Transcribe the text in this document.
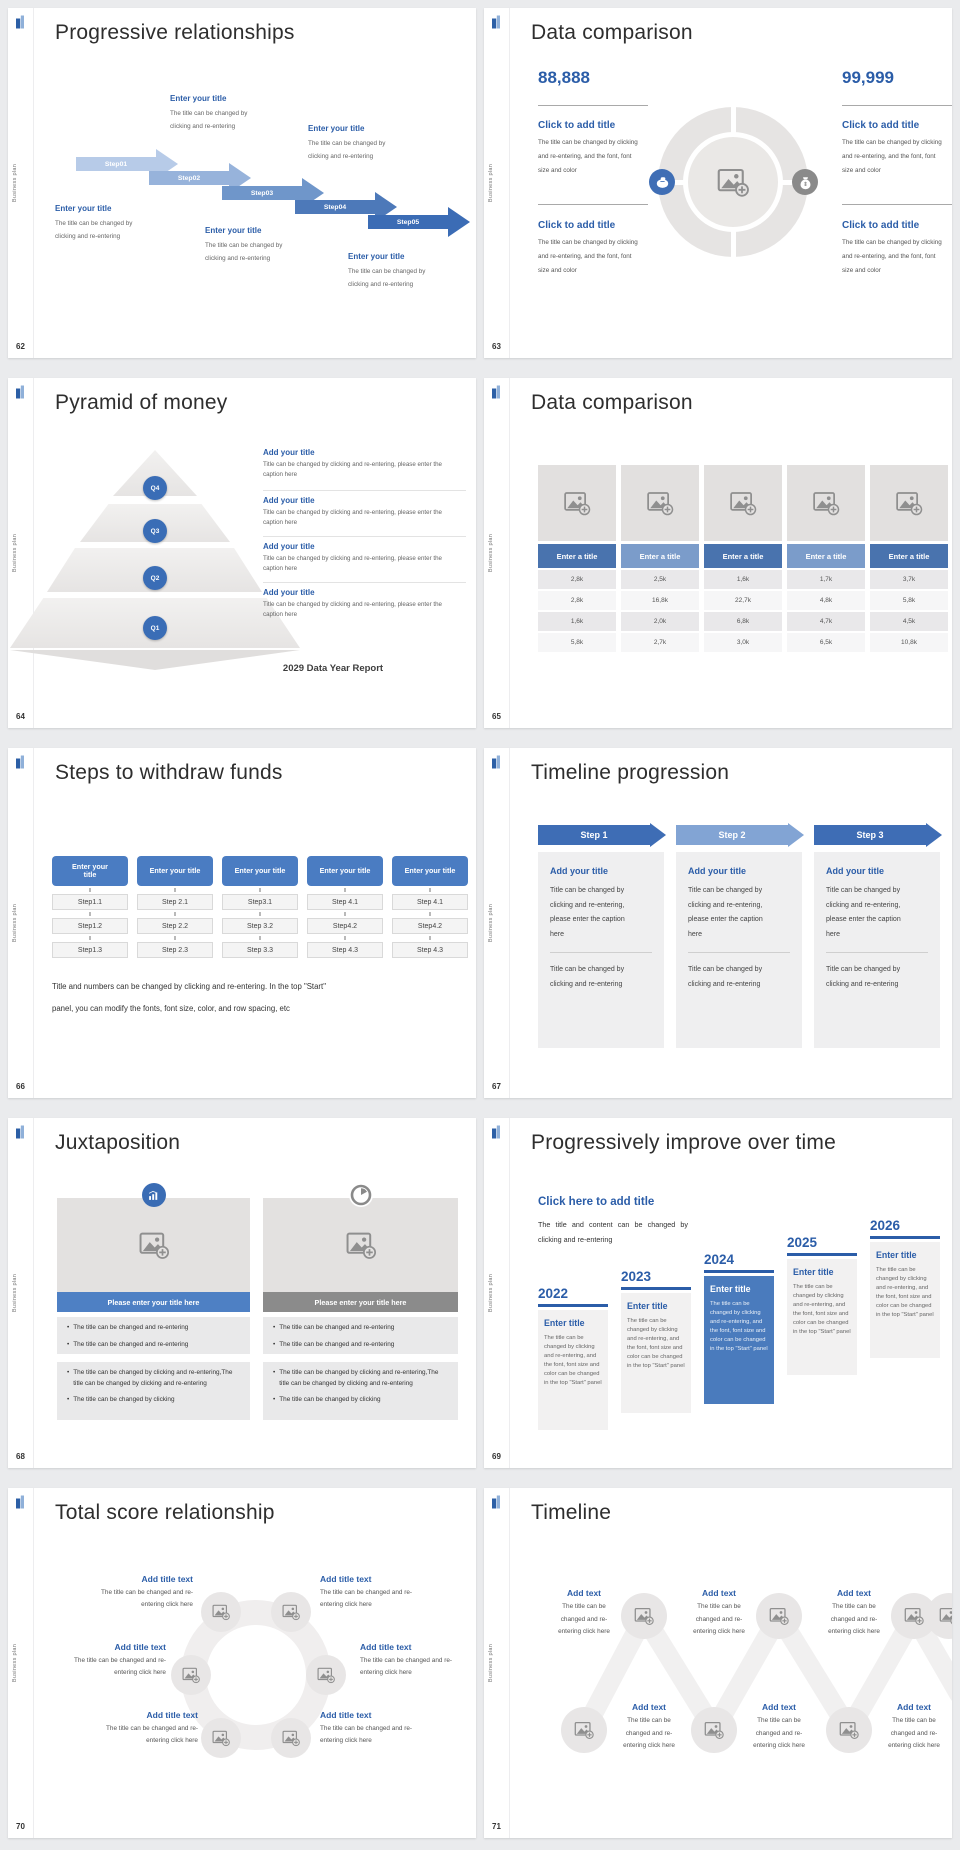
Business plan
62
Progressive relationships
Step01
Step02
Step03
Step04
Step05
Enter your title
The title can be changed by clicking and re-entering	Enter your title
The title can be changed by clicking and re-entering
Enter your title
The title can be changed by clicking and re-entering
Enter your title
The title can be changed by clicking and re-entering	Enter your title
The title can be changed by clicking and re-entering
Business plan
63
Data comparison
88,888
Click to add title
The title can be changed by clicking and re-entering, and the font, font size and color
Click to add title
The title can be changed by clicking and re-entering, and the font, font size and color
99,999
Click to add title
The title can be changed by clicking and re-entering, and the font, font size and color
Click to add title
The title can be changed by clicking and re-entering, and the font, font size and color
Business plan
64
Pyramid of money
Q4
Q3
Q2
Q1
Add your title
Title can be changed by clicking and re-entering, please enter the caption here
Add your title
Title can be changed by clicking and re-entering, please enter the caption here
Add your title
Title can be changed by clicking and re-entering, please enter the caption here
Add your title
Title can be changed by clicking and re-entering, please enter the caption here
2029 Data Year Report
Business plan
65
Data comparison
Enter a title	Enter a title	Enter a title	Enter a title	Enter a title
2,8k	2,5k	1,6k	1,7k	3,7k
2,8k	16,8k	22,7k	4,8k	5,8k
1,6k	2,0k	6,8k	4,7k	4,5k
5,8k	2,7k	3,0k	6,5k	10,8k
Business plan
66
Steps to withdraw funds
Enter your title
Step1.1
Step1.2
Step1.3
Enter your title
Step 2.1
Step 2.2
Step 2.3
Enter your title
Step3.1
Step 3.2
Step 3.3
Enter your title
Step 4.1
Step4.2
Step 4.3
Enter your title
Step 4.1
Step4.2
Step 4.3
Title and numbers can be changed by clicking and re-entering. In the top "Start"
panel, you can modify the fonts, font size, color, and row spacing, etc
Business plan
67
Timeline progression
Step 1	Step 2	Step 3
Add your title
Title can be changed by clicking and re-entering, please enter the caption here
Title can be changed by clicking and re-entering
Add your title
Title can be changed by clicking and re-entering, please enter the caption here
Title can be changed by clicking and re-entering
Add your title
Title can be changed by clicking and re-entering, please enter the caption here
Title can be changed by clicking and re-entering
Business plan
68
Juxtaposition
Please enter your title here
• The title can be changed and re-entering
• The title can be changed and re-entering
• The title can be changed by clicking and re-entering,The title can be changed by clicking and re-entering
• The title can be changed by clicking
Please enter your title here
• The title can be changed and re-entering
• The title can be changed and re-entering
• The title can be changed by clicking and re-entering,The title can be changed by clicking and re-entering
• The title can be changed by clicking
Business plan
69
Progressively improve over time
Click here to add title
The title and content can be changed by clicking and re-entering
2022
Enter title
The title can be changed by clicking and re-entering, and the font, font size and color can be changed in the top "Start" panel
2023
Enter title
The title can be changed by clicking and re-entering, and the font, font size and color can be changed in the top "Start" panel
2024
Enter title
The title can be changed by clicking and re-entering, and the font, font size and color can be changed in the top "Start" panel
2025
Enter title
The title can be changed by clicking and re-entering, and the font, font size and color can be changed in the top "Start" panel
2026
Enter title
The title can be changed by clicking and re-entering, and the font, font size and color can be changed in the top "Start" panel
Business plan
70
Total score relationship
Add title text
The title can be changed and re-entering click here
Add title text
The title can be changed and re-entering click here
Add title text
The title can be changed and re-entering click here
Add title text
The title can be changed and re-entering click here
Add title text
The title can be changed and re-entering click here
Add title text
The title can be changed and re-entering click here
Business plan
71
Timeline
Add text
The title can be changed and re-entering click here
Add text
The title can be changed and re-entering click here
Add text
The title can be changed and re-entering click here
Add text
The title can be changed and re-entering click here
Add text
The title can be changed and re-entering click here
Add text
The title can be changed and re-entering click here
